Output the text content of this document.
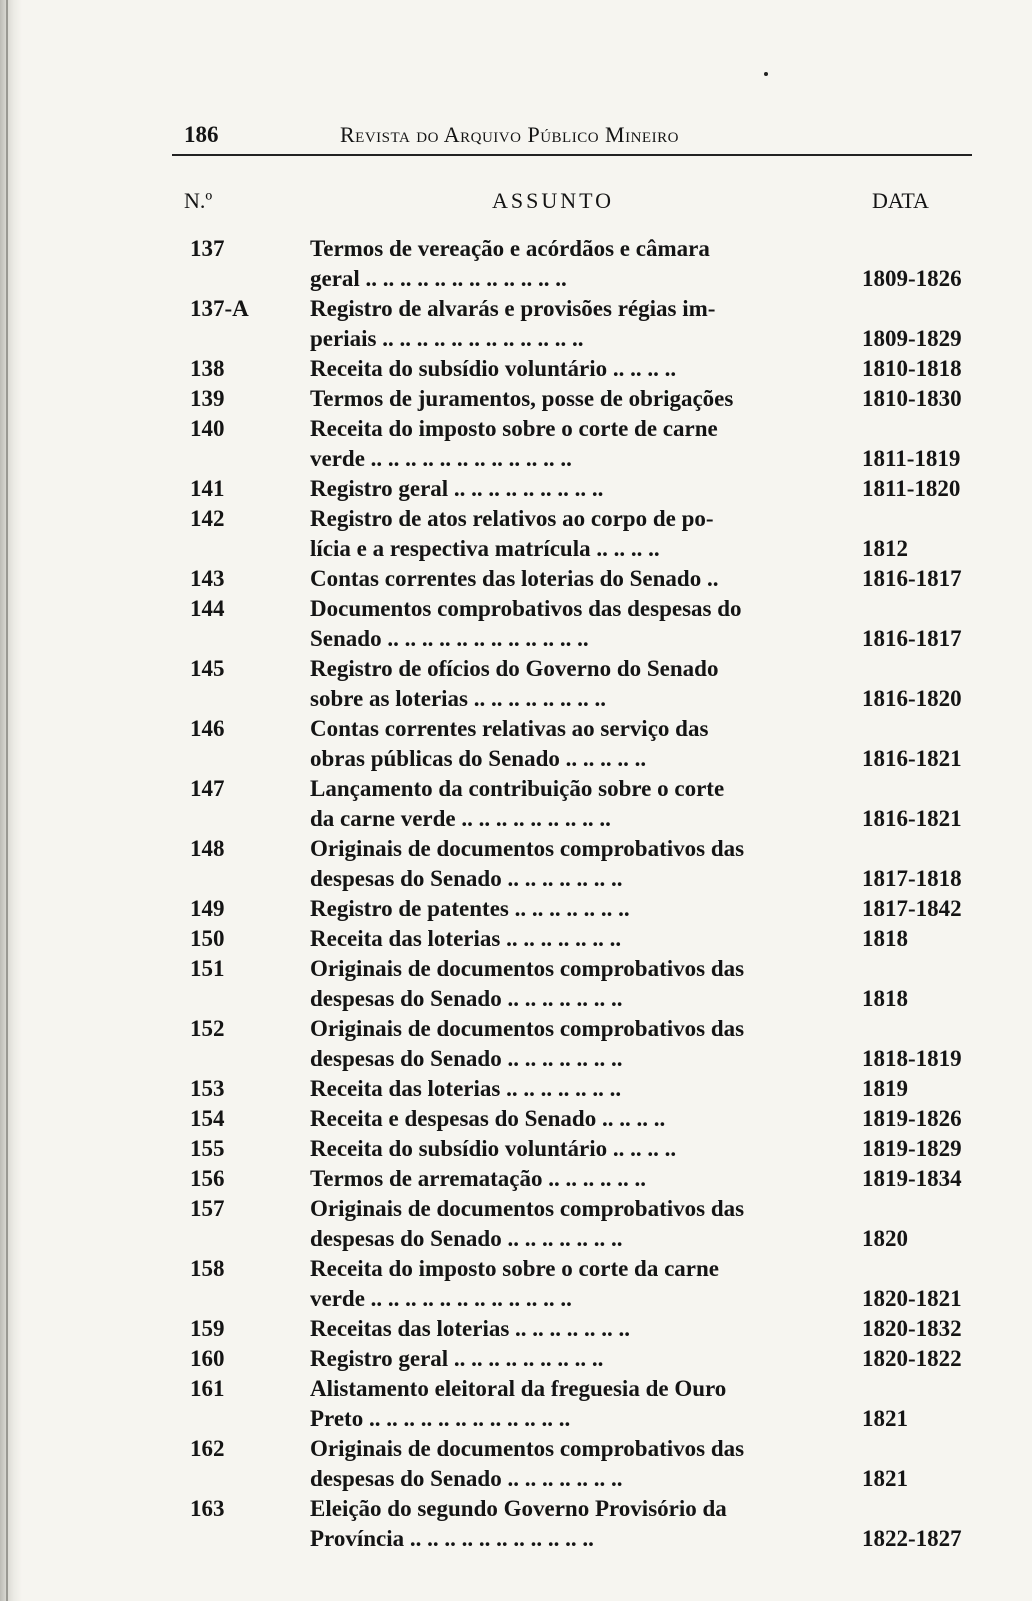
186	Revista do Arquivo Público Mineiro
N.º	ASSUNTO	DATA
137	Termos de vereação e acórdãos e câmara
geral .. .. .. .. .. .. .. .. .. .. .. ..	1809-1826
137-A	Registro de alvarás e provisões régias im-
periais .. .. .. .. .. .. .. .. .. .. .. ..	1809-1829
138	Receita do subsídio voluntário .. .. .. ..	1810-1818
139	Termos de juramentos, posse de obrigações	1810-1830
140	Receita do imposto sobre o corte de carne
verde .. .. .. .. .. .. .. .. .. .. .. ..	1811-1819
141	Registro geral .. .. .. .. .. .. .. .. ..	1811-1820
142	Registro de atos relativos ao corpo de po-
lícia e a respectiva matrícula .. .. .. ..	1812
143	Contas correntes das loterias do Senado ..	1816-1817
144	Documentos comprobativos das despesas do
Senado .. .. .. .. .. .. .. .. .. .. .. ..	1816-1817
145	Registro de ofícios do Governo do Senado
sobre as loterias .. .. .. .. .. .. .. ..	1816-1820
146	Contas correntes relativas ao serviço das
obras públicas do Senado .. .. .. .. ..	1816-1821
147	Lançamento da contribuição sobre o corte
da carne verde .. .. .. .. .. .. .. .. ..	1816-1821
148	Originais de documentos comprobativos das
despesas do Senado .. .. .. .. .. .. ..	1817-1818
149	Registro de patentes .. .. .. .. .. .. ..	1817-1842
150	Receita das loterias .. .. .. .. .. .. ..	1818
151	Originais de documentos comprobativos das
despesas do Senado .. .. .. .. .. .. ..	1818
152	Originais de documentos comprobativos das
despesas do Senado .. .. .. .. .. .. ..	1818-1819
153	Receita das loterias .. .. .. .. .. .. ..	1819
154	Receita e despesas do Senado .. .. .. ..	1819-1826
155	Receita do subsídio voluntário .. .. .. ..	1819-1829
156	Termos de arrematação .. .. .. .. .. ..	1819-1834
157	Originais de documentos comprobativos das
despesas do Senado .. .. .. .. .. .. ..	1820
158	Receita do imposto sobre o corte da carne
verde .. .. .. .. .. .. .. .. .. .. .. ..	1820-1821
159	Receitas das loterias .. .. .. .. .. .. ..	1820-1832
160	Registro geral .. .. .. .. .. .. .. .. ..	1820-1822
161	Alistamento eleitoral da freguesia de Ouro
Preto .. .. .. .. .. .. .. .. .. .. .. ..	1821
162	Originais de documentos comprobativos das
despesas do Senado .. .. .. .. .. .. ..	1821
163	Eleição do segundo Governo Provisório da
Província .. .. .. .. .. .. .. .. .. .. ..	1822-1827
